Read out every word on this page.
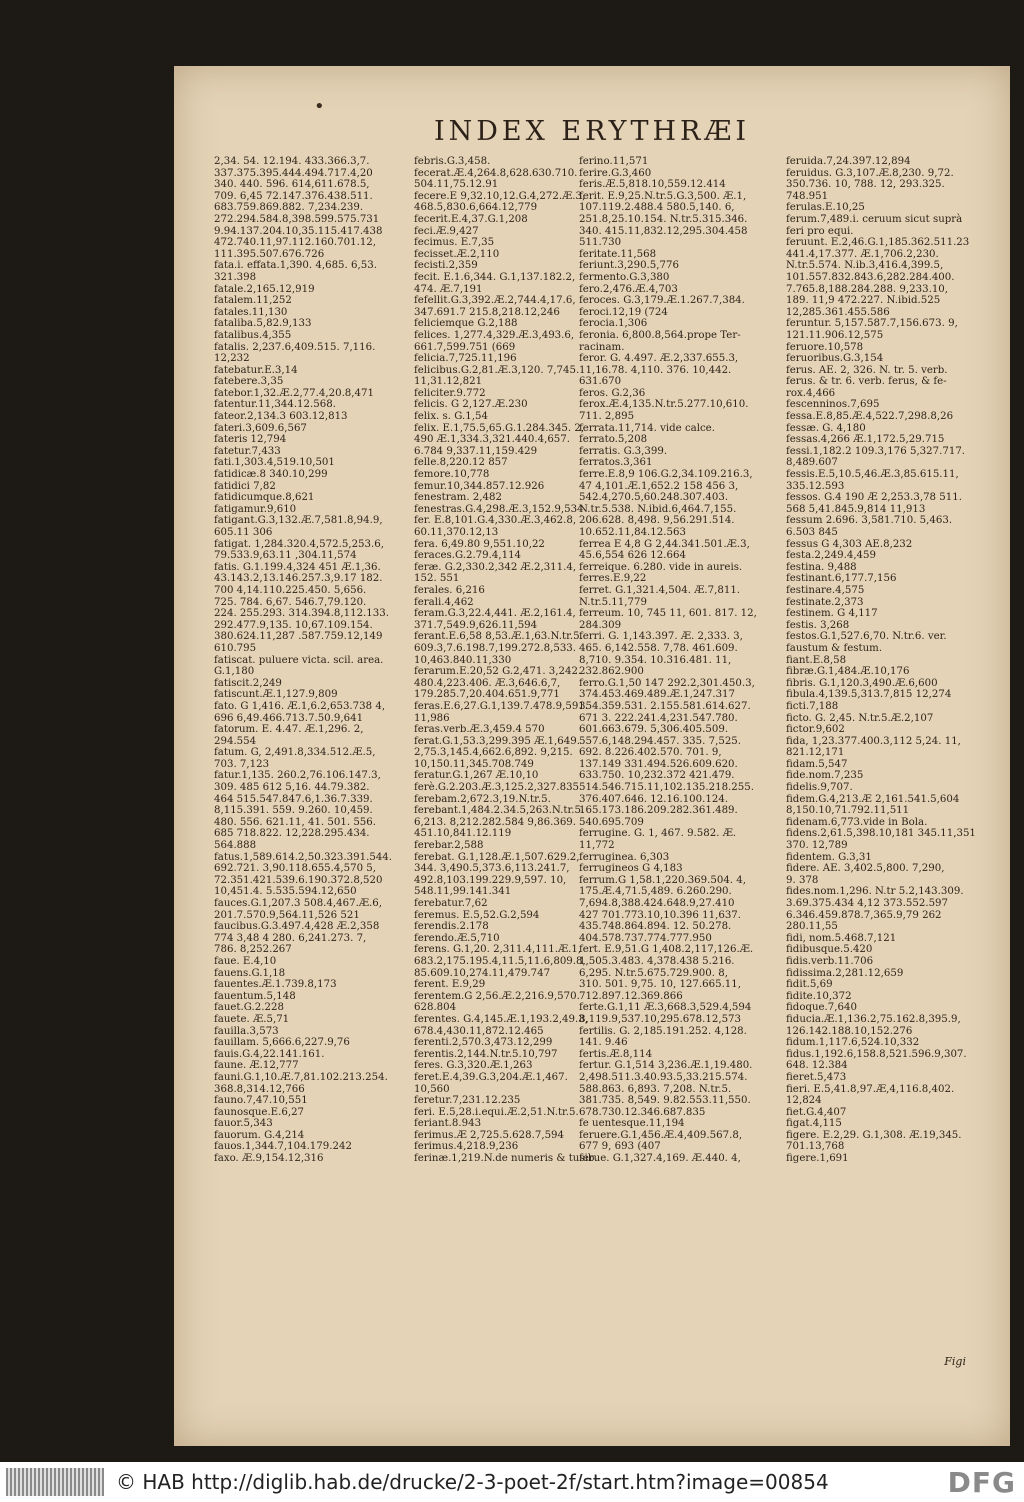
•
INDEX ERYTHRÆI
2,34. 54. 12.194. 433.366.3,7.
337.375.395.444.494.717.4,20
340. 440. 596. 614,611.678.5,
709. 6,45 72.147.376.438.511.
683.759.869.882. 7,234.239.
272.294.584.8,398.599.575.731
9.94.137.204.10,35.115.417.438
472.740.11,97.112.160.701.12,
111.395.507.676.726
fata.i. effata.1,390. 4,685. 6,53.
321.398
fatale.2,165.12,919
fatalem.11,252
fatales.11,130
fataliba.5,82.9,133
fatalibus.4,355
fatalis. 2,237.6,409.515. 7,116.
12,232
fatebatur.E.3,14
fatebere.3,35
fatebor.1,32.Æ.2,77.4,20.8,471
fatentur.11,344.12.568.
fateor.2,134.3 603.12,813
fateri.3,609.6,567
fateris 12,794
fatetur.7,433
fati.1,303.4,519.10,501
fatidicæ.8 340.10,299
fatidici 7,82
fatidicumque.8,621
fatigamur.9,610
fatigant.G.3,132.Æ.7,581.8,94.9,
605.11 306
fatigat. 1,284.320.4,572.5,253.6,
79.533.9,63.11 ,304.11,574
fatis. G.1.199.4,324 451 Æ.1,36.
43.143.2,13.146.257.3,9.17 182.
700 4,14.110.225.450. 5,656.
725. 784. 6,67. 546.7,79.120.
224. 255.293. 314.394.8,112.133.
292.477.9,135. 10,67.109.154.
380.624.11,287 .587.759.12,149
610.795
fatiscat. puluere victa. scil. area.
G.1,180
fatiscit.2,249
fatiscunt.Æ.1,127.9,809
fato. G 1,416. Æ.1,6.2,653.738 4,
696 6,49.466.713.7.50.9,641
fatorum. E. 4.47. Æ.1,296. 2,
294.554
fatum. G, 2,491.8,334.512.Æ.5,
703. 7,123
fatur.1,135. 260.2,76.106.147.3,
309. 485 612 5,16. 44.79.382.
464 515.547.847.6,1.36.7.339.
8,115.391. 559. 9.260. 10,459.
480. 556. 621.11, 41. 501. 556.
685 718.822. 12,228.295.434.
564.888
fatus.1,589.614.2,50.323.391.544.
692.721. 3,90.118.655.4,570 5,
72.351.421.539.6.190.372.8,520
10,451.4. 5.535.594.12,650
fauces.G.1,207.3 508.4,467.Æ.6,
201.7.570.9,564.11,526 521
faucibus.G.3.497.4,428 Æ.2,358
774 3,48 4 280. 6,241.273. 7,
786. 8,252.267
faue. E.4,10
fauens.G.1,18
fauentes.Æ.1.739.8,173
fauentum.5,148
fauet.G.2.228
fauete. Æ.5,71
fauilla.3,573
fauillam. 5,666.6,227.9,76
fauis.G.4,22.141.161.
faune. Æ.12,777
fauni.G.1,10.Æ.7,81.102.213.254.
368.8,314.12,766
fauno.7,47.10,551
faunosque.E.6,27
fauor.5,343
fauorum. G.4,214
fauos.1,344.7,104.179.242
faxo. Æ.9,154.12,316
febris.G.3,458.
fecerat.Æ.4,264.8,628.630.710.
504.11,75.12.91
fecere.E 9,32.10,12.G.4,272.Æ.3,
468.5,830.6,664.12,779
fecerit.E.4,37.G.1,208
feci.Æ.9,427
fecimus. E.7,35
fecisset.Æ.2,110
fecisti.2,359
fecit. E.1.6,344. G.1,137.182.2,
474. Æ.7,191
fefellit.G.3,392.Æ.2,744.4,17.6,
347.691.7 215.8,218.12,246
feliciemque G.2,188
felices. 1,277.4,329.Æ.3,493.6,
661.7,599.751 (669
felicia.7,725.11,196
felicibus.G.2,81.Æ.3,120. 7,745.
11,31.12,821
feliciter.9.772
felicis. G 2,127.Æ.230
felix. s. G.1,54
felix. E.1,75.5,65.G.1.284.345. 2,
490 Æ.1,334.3,321.440.4,657.
6.784 9,337.11,159.429
felle.8,220.12 857
femore.10,778
femur.10,344.857.12.926
fenestram. 2,482
fenestras.G.4,298.Æ.3,152.9,534
fer. E.8,101.G.4,330.Æ.3,462.8,
60.11,370.12,13
fera. 6,49.80 9,551.10,22
feraces.G.2.79.4,114
feræ. G.2,330.2,342 Æ.2,311.4,
152. 551
ferales. 6,216
ferali.4,462
feram.G.3,22.4,441. Æ.2,161.4,
371.7,549.9,626.11,594
ferant.E.6,58 8,53.Æ.1,63.N.tr.5.
609.3,7.6.198.7,199.272.8,533.
10,463.840.11,330
ferarum.E.20,52 G.2,471. 3,242.
480.4,223.406. Æ.3,646.6,7,
179.285.7,20.404.651.9,771
feras.E.6,27.G.1,139.7.478.9,591.
11,986
feras.verb.Æ.3,459.4 570
ferat.G.1,53.3,299.395 Æ.1,649.
2,75.3,145.4,662.6,892. 9,215.
10,150.11,345.708.749
feratur.G.1,267 Æ.10,10
ferè.G.2.203.Æ.3,125.2,327.835
ferebam.2,672.3,19.N.tr.5.
ferebant.1,484.2.34.5,263.N.tr.5.
6,213. 8,212.282.584 9,86.369.
451.10,841.12.119
ferebar.2,588
ferebat. G.1,128.Æ.1,507.629.2,
344. 3,490.5,373.6,113.241.7,
492.8,103.199.229.9,597. 10,
548.11,99.141.341
ferebatur.7,62
feremus. E.5,52.G.2,594
ferendis.2.178
ferendo.Æ.5,710
ferens. G.1,20. 2,311.4,111.Æ.1,
683.2,175.195.4,11.5,11.6,809.8,
85.609.10,274.11,479.747
ferent. E.9,29
ferentem.G 2,56.Æ.2,216.9,570.
628.804
ferentes. G.4,145.Æ.1,193.2,49.3,
678.4,430.11,872.12.465
ferenti.2,570.3,473.12,299
ferentis.2,144.N.tr.5.10,797
feres. G.3,320.Æ.1,263
feret.E.4,39.G.3,204.Æ.1,467.
10,560
feretur.7,231.12.235
feri. E.5,28.i.equi.Æ.2,51.N.tr.5.
feriant.8.943
ferimus.Æ 2,725.5.628.7,594
ferimus.4,218.9,236
ferinæ.1,219.N.de numeris & tusib.
ferino.11,571
ferire.G.3,460
feris.Æ.5,818.10,559.12.414
ferit. E.9,25.N.tr.5.G.3,500. Æ.1,
107.119.2.488.4 580.5,140. 6,
251.8,25.10.154. N.tr.5.315.346.
340. 415.11,832.12,295.304.458
511.730
feritate.11,568
feriunt.3,290.5,776
fermento.G.3,380
fero.2,476.Æ.4,703
feroces. G.3,179.Æ.1.267.7,384.
feroci.12,19 (724
ferocia.1,306
feronia. 6,800.8,564.prope Ter-
racinam.
feror. G. 4.497. Æ.2,337.655.3,
11,16.78. 4,110. 376. 10,442.
631.670
feros. G.2,36
ferox.Æ.4,135.N.tr.5.277.10,610.
711. 2,895
ferrata.11,714. vide calce.
ferrato.5,208
ferratis. G.3,399.
ferratos.3,361
ferre.E.8,9 106.G.2,34.109.216.3,
47 4,101.Æ.1,652.2 158 456 3,
542.4,270.5,60.248.307.403.
N.tr.5.538. N.ibid.6,464.7,155.
206.628. 8,498. 9,56.291.514.
10.652.11,84.12.563
ferrea E 4,8 G 2,44.341.501.Æ.3,
45.6,554 626 12.664
ferreique. 6.280. vide in aureis.
ferres.E.9,22
ferret. G.1,321.4,504. Æ.7,811.
N.tr.5.11,779
ferreum. 10, 745 11, 601. 817. 12,
284.309
ferri. G. 1,143.397. Æ. 2,333. 3,
465. 6,142.558. 7,78. 461.609.
8,710. 9.354. 10.316.481. 11,
232.862.900
ferro.G.1,50 147 292.2,301.450.3,
374.453.469.489.Æ.1,247.317
354.359.531. 2.155.581.614.627.
671 3. 222.241.4,231.547.780.
601.663.679. 5,306.405.509.
557.6,148.294.457. 335. 7,525.
692. 8.226.402.570. 701. 9,
137.149 331.494.526.609.620.
633.750. 10,232.372 421.479.
514.546.715.11,102.135.218.255.
376.407.646. 12.16.100.124.
165.173.186.209.282.361.489.
540.695.709
ferrugine. G. 1, 467. 9.582. Æ.
11,772
ferruginea. 6,303
ferrugineos G 4,183
ferrum.G 1,58.1,220.369.504. 4,
175.Æ.4,71.5,489. 6.260.290.
7,694.8,388.424.648.9,27.410
427 701.773.10,10.396 11,637.
435.748.864.894. 12. 50.278.
404.578.737.774.777.950
fert. E.9,51.G 1,408.2,117,126.Æ.
1,505.3.483. 4,378.438 5.216.
6,295. N.tr.5.675.729.900. 8,
310. 501. 9,75. 10, 127.665.11,
712.897.12.369.866
ferte.G.1,11 Æ.3,668.3,529.4,594
8,119.9,537.10,295.678.12,573
fertilis. G. 2,185.191.252. 4,128.
141. 9.46
fertis.Æ.8,114
fertur. G.1,514 3,236.Æ.1,19.480.
2,498.511.3.40.93.5,33.215.574.
588.863. 6,893. 7,208. N.tr.5.
381.735. 8,549. 9.82.553.11,550.
678.730.12.346.687.835
fe uentesque.11,194
feruere.G.1,456.Æ.4,409.567.8,
677 9, 693 (407
ferue. G.1,327.4,169. Æ.440. 4,
feruida.7,24.397.12,894
feruidus. G.3,107.Æ.8,230. 9,72.
350.736. 10, 788. 12, 293.325.
748.951
ferulas.E.10,25
ferum.7,489.i. ceruum sicut suprà
feri pro equi.
feruunt. E.2,46.G.1,185.362.511.23
441.4,17.377. Æ.1,706.2,230.
N.tr.5.574. N.ib.3,416.4,399.5,
101.557.832.843.6,282.284.400.
7.765.8,188.284.288. 9,233.10,
189. 11,9 472.227. N.ibid.525
12,285.361.455.586
feruntur. 5,157.587.7,156.673. 9,
121.11.906.12,575
feruore.10,578
feruoribus.G.3,154
ferus. AE. 2, 326. N. tr. 5. verb.
ferus. & tr. 6. verb. ferus, & fe-
rox.4,466
fescenninos.7,695
fessa.E.8,85.Æ.4,522.7,298.8,26
fessæ. G. 4,180
fessas.4,266 Æ.1,172.5,29.715
fessi.1,182.2 109.3,176 5,327.717.
8,489.607
fessis.E.5,10.5,46.Æ.3,85.615.11,
335.12.593
fessos. G.4 190 Æ 2,253.3,78 511.
568 5,41.845.9,814 11,913
fessum 2.696. 3,581.710. 5,463.
6.503 845
fessus G 4,303 AE.8,232
festa.2,249.4,459
festina. 9,488
festinant.6,177.7,156
festinare.4,575
festinate.2,373
festinem. G 4,117
festis. 3,268
festos.G.1,527.6,70. N.tr.6. ver.
faustum & festum.
fiant.E.8,58
fibræ.G.1,484.Æ.10,176
fibris. G.1,120.3,490.Æ.6,600
fibula.4,139.5,313.7,815 12,274
ficti.7,188
ficto. G. 2,45. N.tr.5.Æ.2,107
fictor.9,602
fida, 1,23.377.400.3,112 5,24. 11,
821.12,171
fidam.5,547
fide.nom.7,235
fidelis.9,707.
fidem.G.4,213.Æ 2,161.541.5,604
8,150.10,71.792.11,511
fidenam.6,773.vide in Bola.
fidens.2,61.5,398.10,181 345.11,351
370. 12,789
fidentem. G.3,31
fidere. AE. 3,402.5,800. 7,290,
9. 378
fides.nom.1,296. N.tr 5.2,143.309.
3.69.375.434 4,12 373.552.597
6.346.459.878.7,365.9,79 262
280.11,55
fidi, nom.5.468.7,121
fidibusque.5.420
fidis.verb.11.706
fidissima.2,281.12,659
fidit.5,69
fidite.10,372
fidoque.7,640
fiducia.Æ.1,136.2,75.162.8,395.9,
126.142.188.10,152.276
fidum.1,117.6,524.10,332
fidus.1,192.6,158.8,521.596.9,307.
648. 12.384
fieret.5,473
fieri. E.5,41.8,97.Æ,4,116.8,402.
12,824
fiet.G.4,407
figat.4,115
figere. E.2,29. G.1,308. Æ.19,345.
701.13,768
figere.1,691
Figi
© HAB http://diglib.hab.de/drucke/2-3-poet-2f/start.htm?image=00854	DFG
